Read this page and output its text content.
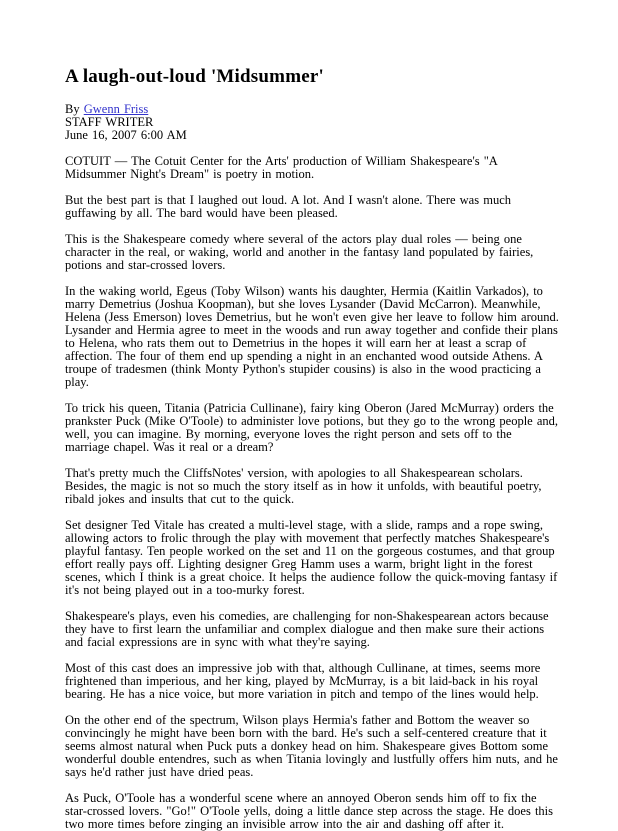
A laugh-out-loud 'Midsummer'
By Gwenn Friss
STAFF WRITER
June 16, 2007 6:00 AM

COTUIT — The Cotuit Center for the Arts' production of William Shakespeare's "A Midsummer Night's Dream" is poetry in motion.

But the best part is that I laughed out loud. A lot. And I wasn't alone. There was much guffawing by all. The bard would have been pleased.

This is the Shakespeare comedy where several of the actors play dual roles — being one character in the real, or waking, world and another in the fantasy land populated by fairies, potions and star-crossed lovers.

In the waking world, Egeus (Toby Wilson) wants his daughter, Hermia (Kaitlin Varkados), to marry Demetrius (Joshua Koopman), but she loves Lysander (David McCarron). Meanwhile, Helena (Jess Emerson) loves Demetrius, but he won't even give her leave to follow him around. Lysander and Hermia agree to meet in the woods and run away together and confide their plans to Helena, who rats them out to Demetrius in the hopes it will earn her at least a scrap of affection. The four of them end up spending a night in an enchanted wood outside Athens. A troupe of tradesmen (think Monty Python's stupider cousins) is also in the wood practicing a play.

To trick his queen, Titania (Patricia Cullinane), fairy king Oberon (Jared McMurray) orders the prankster Puck (Mike O'Toole) to administer love potions, but they go to the wrong people and, well, you can imagine. By morning, everyone loves the right person and sets off to the marriage chapel. Was it real or a dream?

That's pretty much the CliffsNotes' version, with apologies to all Shakespearean scholars. Besides, the magic is not so much the story itself as in how it unfolds, with beautiful poetry, ribald jokes and insults that cut to the quick.

Set designer Ted Vitale has created a multi-level stage, with a slide, ramps and a rope swing, allowing actors to frolic through the play with movement that perfectly matches Shakespeare's playful fantasy. Ten people worked on the set and 11 on the gorgeous costumes, and that group effort really pays off. Lighting designer Greg Hamm uses a warm, bright light in the forest scenes, which I think is a great choice. It helps the audience follow the quick-moving fantasy if it's not being played out in a too-murky forest.

Shakespeare's plays, even his comedies, are challenging for non-Shakespearean actors because they have to first learn the unfamiliar and complex dialogue and then make sure their actions and facial expressions are in sync with what they're saying.

Most of this cast does an impressive job with that, although Cullinane, at times, seems more frightened than imperious, and her king, played by McMurray, is a bit laid-back in his royal bearing. He has a nice voice, but more variation in pitch and tempo of the lines would help.

On the other end of the spectrum, Wilson plays Hermia's father and Bottom the weaver so convincingly he might have been born with the bard. He's such a self-centered creature that it seems almost natural when Puck puts a donkey head on him. Shakespeare gives Bottom some wonderful double entendres, such as when Titania lovingly and lustfully offers him nuts, and he says he'd rather just have dried peas.

As Puck, O'Toole has a wonderful scene where an annoyed Oberon sends him off to fix the star-crossed lovers. "Go!" O'Toole yells, doing a little dance step across the stage. He does this two more times before zinging an invisible arrow into the air and dashing off after it.
